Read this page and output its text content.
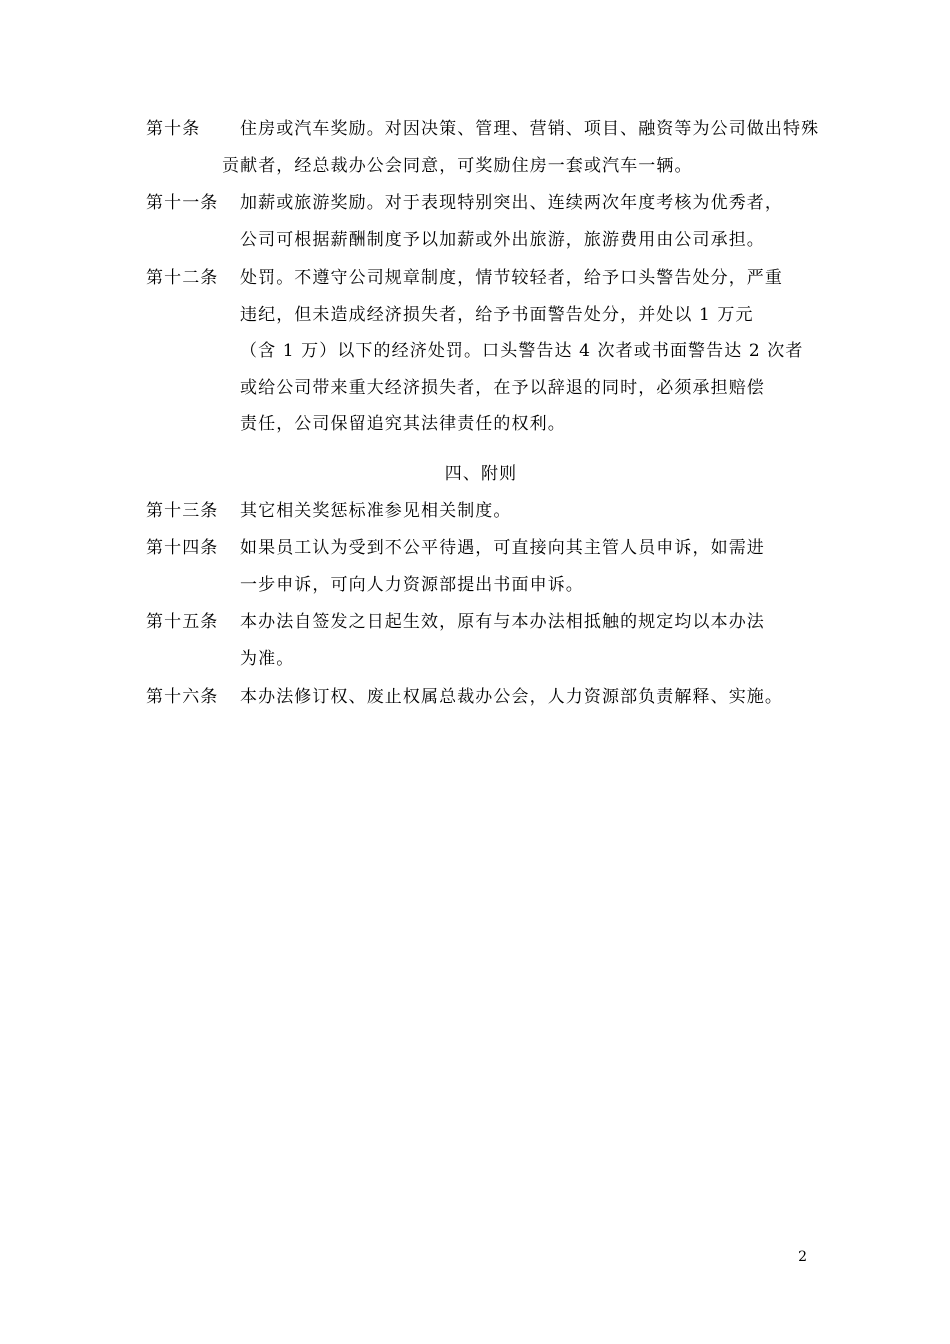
第十条 住房或汽车奖励。对因决策、管理、营销、项目、融资等为公司做出特殊
贡献者，经总裁办公会同意，可奖励住房一套或汽车一辆。
第十一条 加薪或旅游奖励。对于表现特别突出、连续两次年度考核为优秀者，
公司可根据薪酬制度予以加薪或外出旅游，旅游费用由公司承担。
第十二条 处罚。不遵守公司规章制度，情节较轻者，给予口头警告处分，严重
违纪，但未造成经济损失者，给予书面警告处分，并处以 1 万元
（含 1 万）以下的经济处罚。口头警告达 4 次者或书面警告达 2 次者
或给公司带来重大经济损失者，在予以辞退的同时，必须承担赔偿
责任，公司保留追究其法律责任的权利。
四、附则
第十三条 其它相关奖惩标准参见相关制度。
第十四条 如果员工认为受到不公平待遇，可直接向其主管人员申诉，如需进
一步申诉，可向人力资源部提出书面申诉。
第十五条 本办法自签发之日起生效，原有与本办法相抵触的规定均以本办法
为准。
第十六条 本办法修订权、废止权属总裁办公会，人力资源部负责解释、实施。
2
